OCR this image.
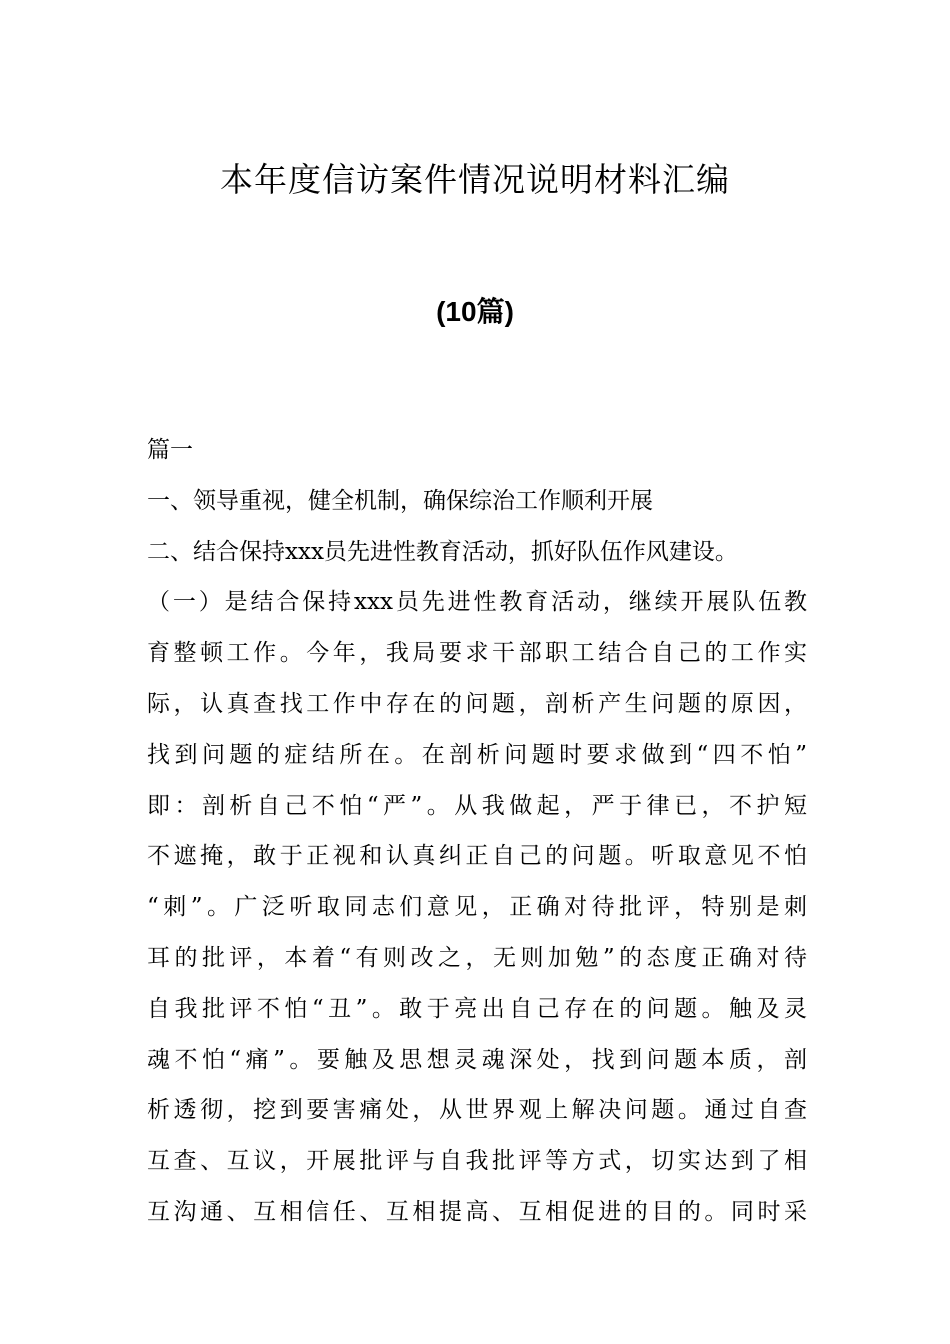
本年度信访案件情况说明材料汇编
(10篇)
篇一
一、领导重视，健全机制，确保综治工作顺利开展
二、结合保持xxx员先进性教育活动，抓好队伍作风建设。
（一）是结合保持xxx员先进性教育活动，继续开展队伍教
育整顿工作。今年，我局要求干部职工结合自己的工作实
际，认真查找工作中存在的问题，剖析产生问题的原因，
找到问题的症结所在。在剖析问题时要求做到“四不怕”
即：剖析自己不怕“严”。从我做起，严于律已，不护短
不遮掩，敢于正视和认真纠正自己的问题。听取意见不怕
“刺”。广泛听取同志们意见，正确对待批评，特别是刺
耳的批评，本着“有则改之，无则加勉”的态度正确对待
自我批评不怕“丑”。敢于亮出自己存在的问题。触及灵
魂不怕“痛”。要触及思想灵魂深处，找到问题本质，剖
析透彻，挖到要害痛处，从世界观上解决问题。通过自查
互查、互议，开展批评与自我批评等方式，切实达到了相
互沟通、互相信任、互相提高、互相促进的目的。同时采
